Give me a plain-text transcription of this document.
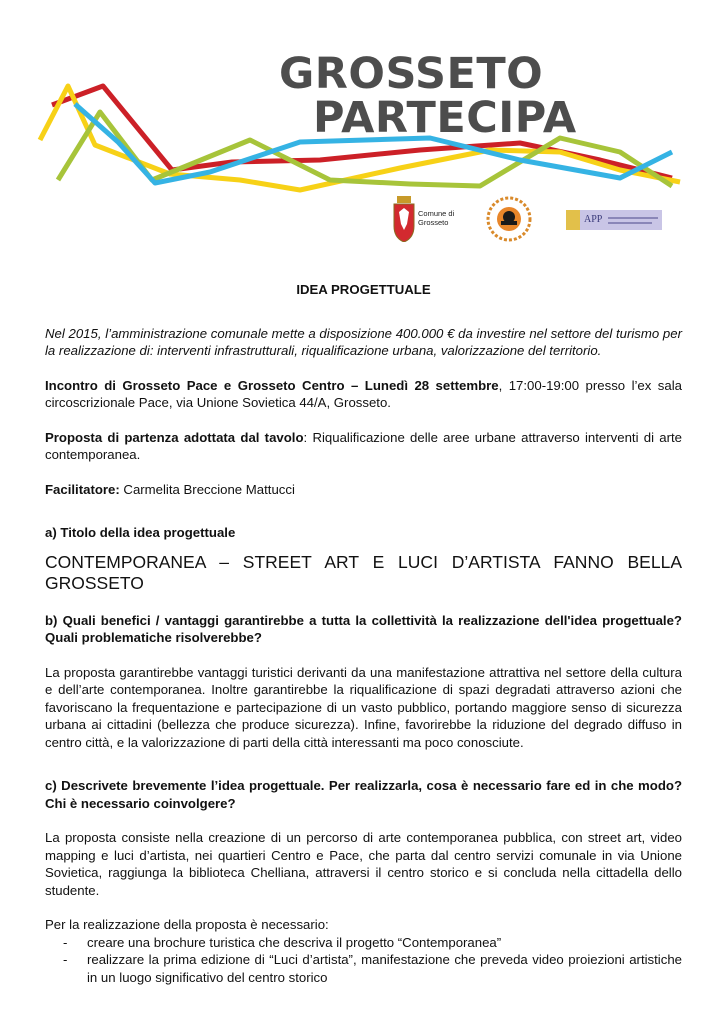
GROSSETO
PARTECIPA
Comune di
Grosseto	APP

IDEA PROGETTUALE

Nel 2015, l’amministrazione comunale mette a disposizione 400.000 € da investire nel settore del turismo per la realizzazione di: interventi infrastrutturali, riqualificazione urbana, valorizzazione del territorio.

Incontro di Grosseto Pace e Grosseto Centro – Lunedì 28 settembre, 17:00-19:00 presso l’ex sala circoscrizionale Pace, via Unione Sovietica 44/A, Grosseto.

Proposta di partenza adottata dal tavolo: Riqualificazione delle aree urbane attraverso interventi di arte contemporanea.

Facilitatore: Carmelita Breccione Mattucci

a) Titolo della idea progettuale

CONTEMPORANEA – STREET ART E LUCI D’ARTISTA FANNO BELLA GROSSETO

b) Quali benefici / vantaggi garantirebbe a tutta la collettività la realizzazione dell'idea progettuale? Quali problematiche risolverebbe?

La proposta garantirebbe vantaggi turistici derivanti da una manifestazione attrattiva nel settore della cultura e dell’arte contemporanea. Inoltre garantirebbe la riqualificazione di spazi degradati attraverso azioni che favoriscano la frequentazione e partecipazione di un vasto pubblico, portando maggiore senso di sicurezza urbana ai cittadini (bellezza che produce sicurezza). Infine, favorirebbe la riduzione del degrado diffuso in centro città, e la valorizzazione di parti della città interessanti ma poco conosciute.

c) Descrivete brevemente l’idea progettuale. Per realizzarla, cosa è necessario fare ed in che modo? Chi è necessario coinvolgere?

La proposta consiste nella creazione di un percorso di arte contemporanea pubblica, con street art, video mapping e luci d’artista, nei quartieri Centro e Pace, che parta dal centro servizi comunale in via Unione Sovietica, raggiunga la biblioteca Chelliana, attraversi il centro storico e si concluda nella cittadella dello studente.

Per la realizzazione della proposta è necessario:

- creare una brochure turistica che descriva il progetto “Contemporanea”
- realizzare la prima edizione di “Luci d’artista”, manifestazione che preveda video proiezioni artistiche in un luogo significativo del centro storico
